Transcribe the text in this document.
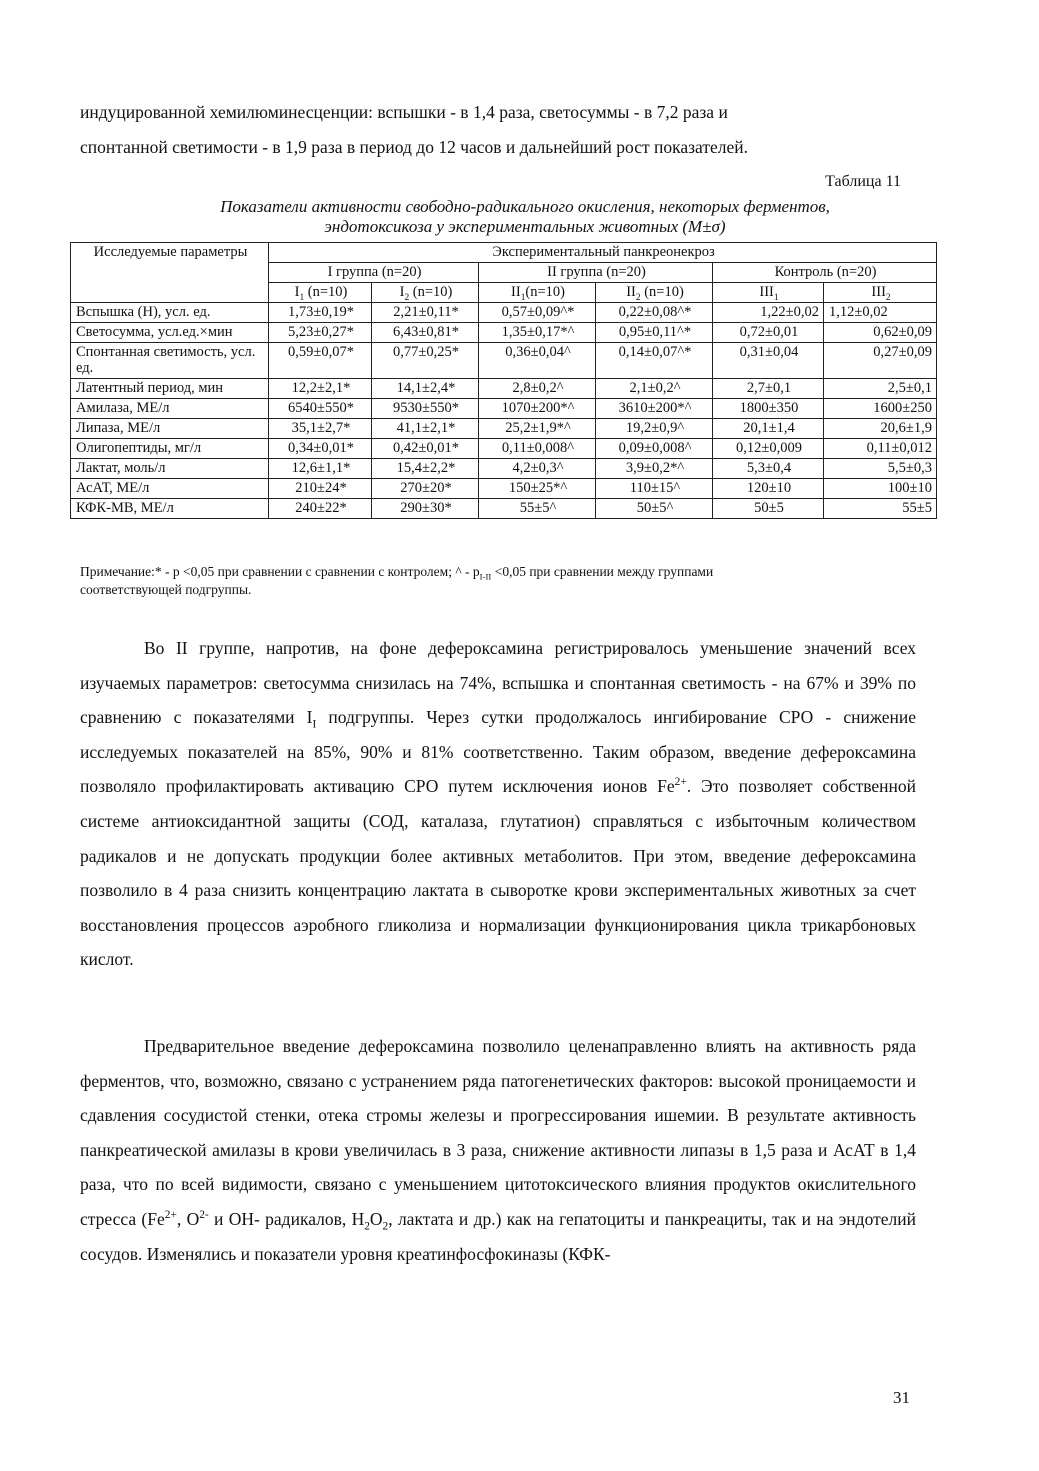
индуцированной хемилюминесценции: вспышки - в 1,4 раза, светосуммы - в 7,2 раза и
спонтанной светимости - в 1,9 раза в период до 12 часов и дальнейший рост показателей.

Таблица 11
Показатели активности свободно-радикального окисления, некоторых ферментов,
эндотоксикоза у экспериментальных животных (М±σ)
Исследуемые параметры	Экспериментальный панкреонекроз					
	I группа (n=20)		II группа (n=20)		Контроль (n=20)	
	$I_1$ (n=10)	$I_2$ (n=10)	$II_1(n=10)$	$II_2$ (n=10)	$III_1$	$III_2$
Вспышка (Н), усл. ед.	1,73±0,19*	2,21±0,11*	0,57±0,09^*	0,22±0,08^*	1,22±0,02	1,12±0,02
Светосумма, усл.ед.×мин	5,23±0,27*	6,43±0,81*	1,35±0,17*^	0,95±0,11^*	0,72±0,01	0,62±0,09
Спонтанная светимость, усл. ед.	0,59±0,07*	0,77±0,25*	0,36±0,04^	0,14±0,07^*	0,31±0,04	0,27±0,09
Латентный период, мин	12,2±2,1*	14,1±2,4*	2,8±0,2^	2,1±0,2^	2,7±0,1	2,5±0,1
Амилаза, МЕ/л	6540±550*	9530±550*	1070±200*^	3610±200*^	1800±350	1600±250
Липаза, МЕ/л	35,1±2,7*	41,1±2,1*	25,2±1,9*^	19,2±0,9^	20,1±1,4	20,6±1,9
Олигопептиды, мг/л	0,34±0,01*	0,42±0,01*	0,11±0,008^	0,09±0,008^	0,12±0,009	0,11±0,012
Лактат, моль/л	12,6±1,1*	15,4±2,2*	4,2±0,3^	3,9±0,2*^	5,3±0,4	5,5±0,3
АсАТ, МЕ/л	210±24*	270±20*	150±25*^	110±15^	120±10	100±10
КФК-МВ, МЕ/л	240±22*	290±30*	55±5^	50±5^	50±5	55±5
Примечание:* - р <0,05 при сравнении с сравнении с контролем; ^ - $р_{I-II} <0,05$ при сравнении между группами
соответствующей подгруппы.

Во II группе, напротив, на фоне дефероксамина регистрировалось уменьшение значений всех изучаемых параметров: светосумма снизилась на 74%, вспышка и спонтанная светимость - на 67% и 39% по сравнению с показателями $I_I$ подгруппы. Через сутки продолжалось ингибирование СРО - снижение исследуемых показателей на 85%, 90% и 81% соответственно. Таким образом, введение дефероксамина позволяло профилактировать активацию СРО путем исключения ионов $Fe^{2+}$. Это позволяет собственной системе антиоксидантной защиты (СОД, каталаза, глутатион) справляться с избыточным количеством радикалов и не допускать продукции более активных метаболитов. При этом, введение дефероксамина позволило в 4 раза снизить концентрацию лактата в сыворотке крови экспериментальных животных за счет восстановления процессов аэробного гликолиза и нормализации функционирования цикла трикарбоновых кислот.

Предварительное введение дефероксамина позволило целенаправленно влиять на активность ряда ферментов, что, возможно, связано с устранением ряда патогенетических факторов: высокой проницаемости и сдавления сосудистой стенки, отека стромы железы и прогрессирования ишемии. В результате активность панкреатической амилазы в крови увеличилась в 3 раза, снижение активности липазы в 1,5 раза и АсАТ в 1,4 раза, что по всей видимости, связано с уменьшением цитотоксического влияния продуктов окислительного стресса ($Fe^{2+}$, $O^{2-}$ и OH- радикалов, $H_2O_2$, лактата и др.) как на гепатоциты и панкреациты, так и на эндотелий сосудов. Изменялись и показатели уровня креатинфосфокиназы (КФК-

31
